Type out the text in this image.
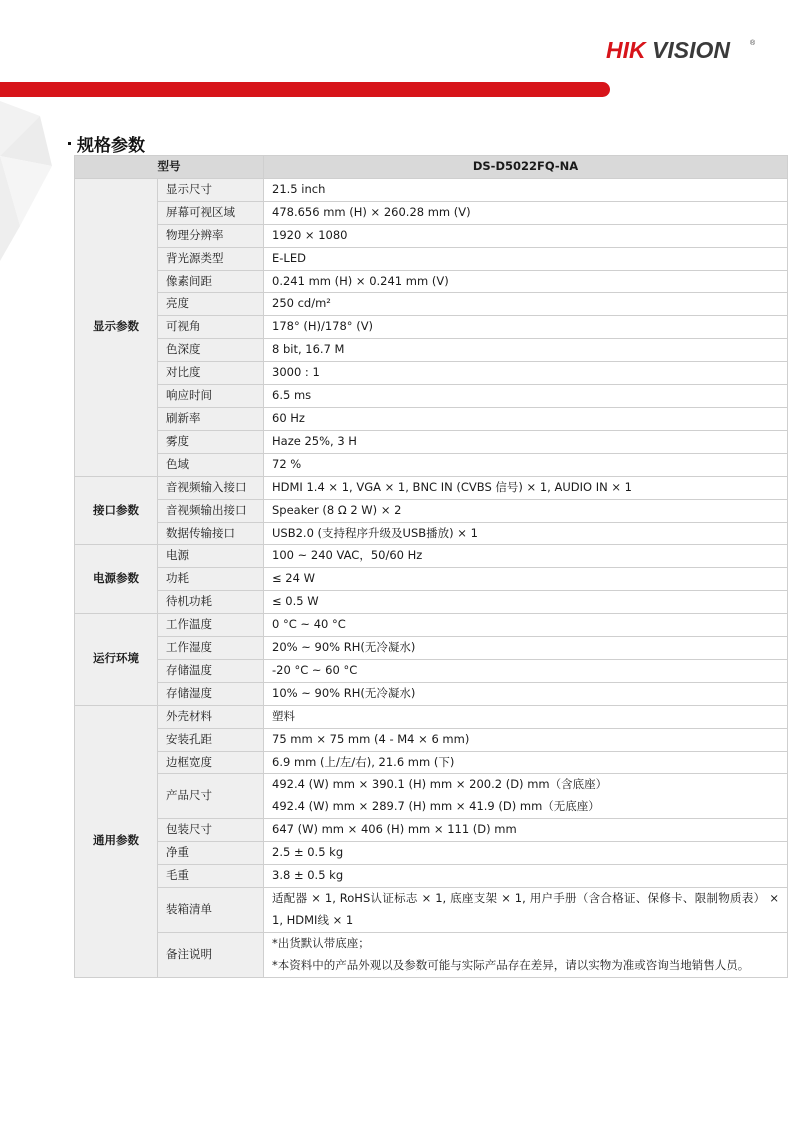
HIK VISION	®
规格参数
型号		DS-D5022FQ-NA
显示参数	显示尺寸	21.5 inch

	屏幕可视区域	478.656 mm (H) × 260.28 mm (V)

	物理分辨率	1920 × 1080

	背光源类型	E-LED

	像素间距	0.241 mm (H) × 0.241 mm (V)

	亮度	250 cd/m²

	可视角	178° (H)/178° (V)

	色深度	8 bit, 16.7 M

	对比度	3000 : 1

	响应时间	6.5 ms

	刷新率	60 Hz

	雾度	Haze 25%, 3 H

	色域	72 %

接口参数	音视频输入接口	HDMI 1.4 × 1, VGA × 1, BNC IN (CVBS 信号) × 1, AUDIO IN × 1

	音视频输出接口	Speaker (8 Ω 2 W) × 2

	数据传输接口	USB2.0 (支持程序升级及USB播放) × 1

电源参数	电源	100 ~ 240 VAC，50/60 Hz

	功耗	≤ 24 W

	待机功耗	≤ 0.5 W

运行环境	工作温度	0 °C ~ 40 °C

	工作湿度	20% ~ 90% RH(无冷凝水)

	存储温度	-20 °C ~ 60 °C

	存储湿度	10% ~ 90% RH(无冷凝水)

通用参数	外壳材料	塑料

	安装孔距	75 mm × 75 mm (4 - M4 × 6 mm)

	边框宽度	6.9 mm (上/左/右), 21.6 mm (下)

	产品尺寸	492.4 (W) mm × 390.1 (H) mm × 200.2 (D) mm（含底座）
492.4 (W) mm × 289.7 (H) mm × 41.9 (D) mm（无底座）

	包装尺寸	647 (W) mm × 406 (H) mm × 111 (D) mm

	净重	2.5 ± 0.5 kg

	毛重	3.8 ± 0.5 kg

	装箱清单	适配器 × 1, RoHS认证标志 × 1, 底座支架 × 1, 用户手册（含合格证、保修卡、限制物质表） ×
1, HDMI线 × 1

	备注说明	*出货默认带底座；
*本资料中的产品外观以及参数可能与实际产品存在差异，请以实物为准或咨询当地销售人员。
